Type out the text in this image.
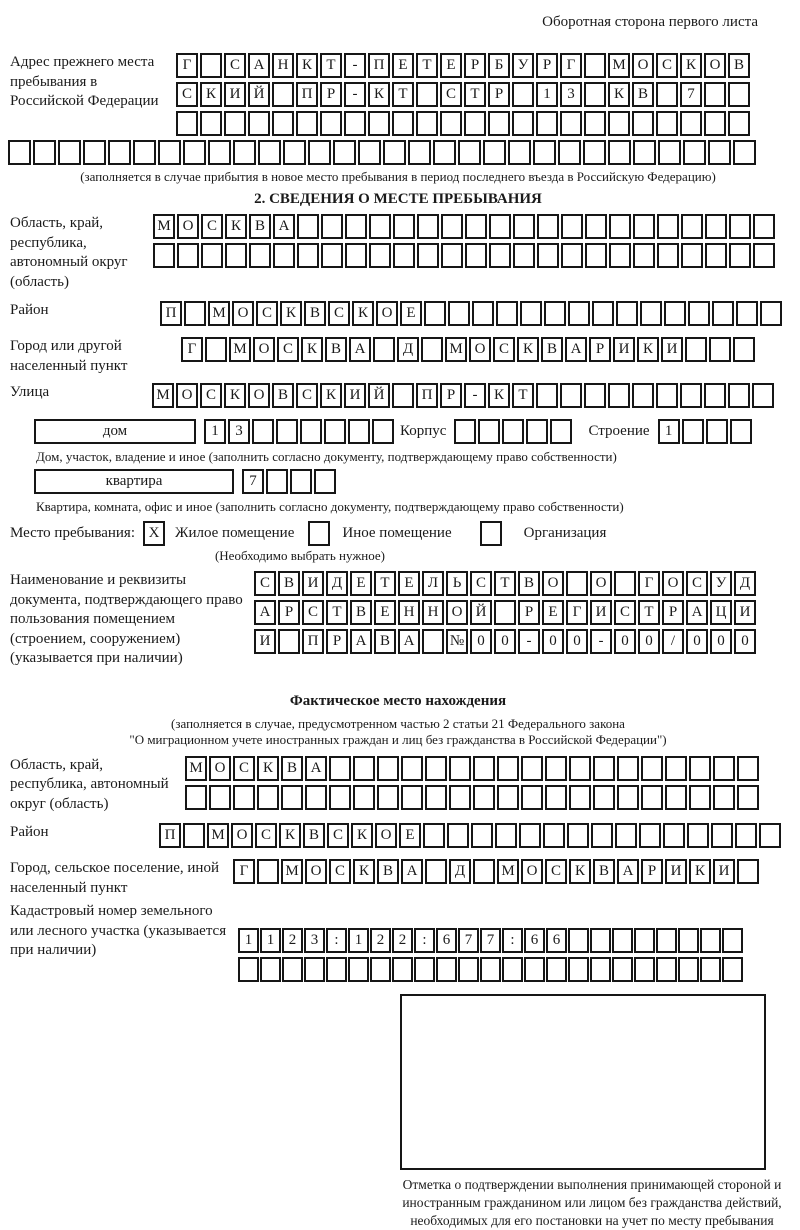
Оборотная сторона первого листа
Адрес прежнего места пребывания в Российской Федерации
Г	С А Н К Т	-	П Е Т Е	Р	Б У Р	Г	М О С К О В
С К И Й	П Р	-	К Т	С Т	Р	1	3	К В	7
(заполняется в случае прибытия в новое место пребывания в период последнего въезда в Российскую Федерацию)
2. СВЕДЕНИЯ О МЕСТЕ ПРЕБЫВАНИЯ
Область, край, республика, автономный округ (область)
М О С К В А
Район	П	М О С К В С К О Е
Город или другой населенный пункт
Г	М О С К В А	Д	М О С К В А Р И К И
Улица	М О С К О В С К И Й	П Р	-	К Т
дом	1	3	Корпус	Строение	1
Дом, участок, владение и иное (заполнить согласно документу, подтверждающему право собственности)
квартира	7
Квартира, комната, офис и иное (заполнить согласно документу, подтверждающему право собственности)
Место пребывания: X	Жилое помещение	Иное помещение	Организация
(Необходимо выбрать нужное)
Наименование и реквизиты документа, подтверждающего право пользования помещением (строением, сооружением) (указывается при наличии)
С В И Д Е Т Е Л Ь С Т В О	О	Г О С У Д
А Р С Т В Е Н Н О Й	Р	Е	Г И С Т	Р А Ц И
И	П Р А В А	№ 0	0	-	0	0	-	0	0	/	0	0	0
Фактическое место нахождения
(заполняется в случае, предусмотренном частью 2 статьи 21 Федерального закона
"О миграционном учете иностранных граждан и лиц без гражданства в Российской Федерации")
Область, край, республика, автономный округ (область)
М О С К В А
Район	П	М О С К В С К О Е
Город, сельское поселение, иной населенный пункт
Г	М О С К В А	Д	М О С К В А Р И К И
Кадастровый номер земельного или лесного участка (указывается при наличии)
1 1 2 3	:	1 2 2	:	6 7 7	:	6 6
Отметка о подтверждении выполнения принимающей стороной и иностранным гражданином или лицом без гражданства действий, необходимых для его постановки на учет по месту пребывания
